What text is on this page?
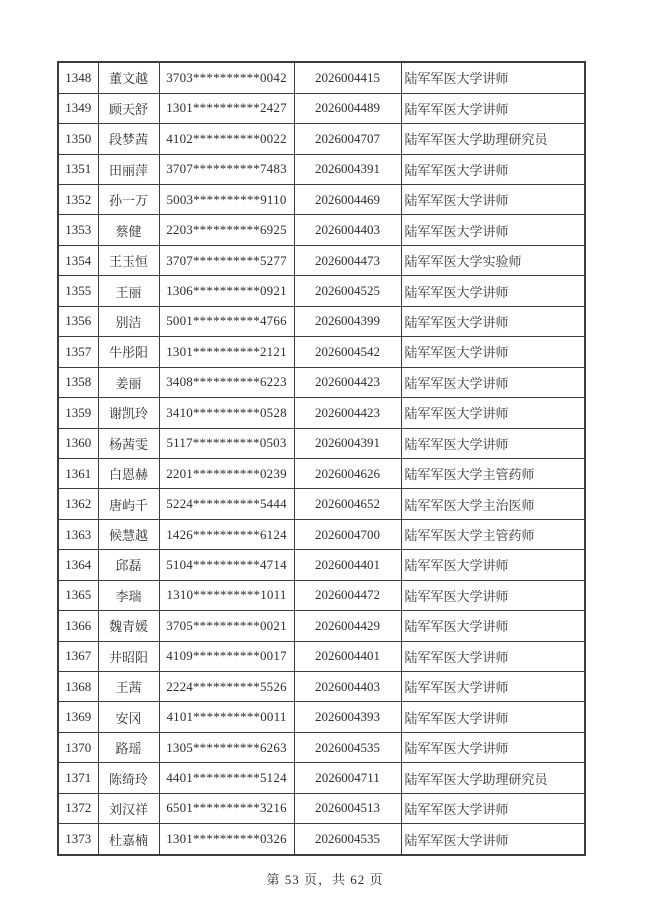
1348	董文越	3703**********0042	2026004415	陆军军医大学讲师
1349	顾天舒	1301**********2427	2026004489	陆军军医大学讲师
1350	段梦茜	4102**********0022	2026004707	陆军军医大学助理研究员
1351	田丽萍	3707**********7483	2026004391	陆军军医大学讲师
1352	孙一万	5003**********9110	2026004469	陆军军医大学讲师
1353	蔡健	2203**********6925	2026004403	陆军军医大学讲师
1354	王玉恒	3707**********5277	2026004473	陆军军医大学实验师
1355	王丽	1306**********0921	2026004525	陆军军医大学讲师
1356	别洁	5001**********4766	2026004399	陆军军医大学讲师
1357	牛彤阳	1301**********2121	2026004542	陆军军医大学讲师
1358	姜丽	3408**********6223	2026004423	陆军军医大学讲师
1359	谢凯玲	3410**********0528	2026004423	陆军军医大学讲师
1360	杨茜雯	5117**********0503	2026004391	陆军军医大学讲师
1361	白恩赫	2201**********0239	2026004626	陆军军医大学主管药师
1362	唐屿千	5224**********5444	2026004652	陆军军医大学主治医师
1363	候慧越	1426**********6124	2026004700	陆军军医大学主管药师
1364	邱磊	5104**********4714	2026004401	陆军军医大学讲师
1365	李瑞	1310**********1011	2026004472	陆军军医大学讲师
1366	魏青媛	3705**********0021	2026004429	陆军军医大学讲师
1367	井昭阳	4109**********0017	2026004401	陆军军医大学讲师
1368	王茜	2224**********5526	2026004403	陆军军医大学讲师
1369	安冈	4101**********0011	2026004393	陆军军医大学讲师
1370	路瑶	1305**********6263	2026004535	陆军军医大学讲师
1371	陈绮玲	4401**********5124	2026004711	陆军军医大学助理研究员
1372	刘汉祥	6501**********3216	2026004513	陆军军医大学讲师
1373	杜嘉楠	1301**********0326	2026004535	陆军军医大学讲师
第 53 页，共 62 页
